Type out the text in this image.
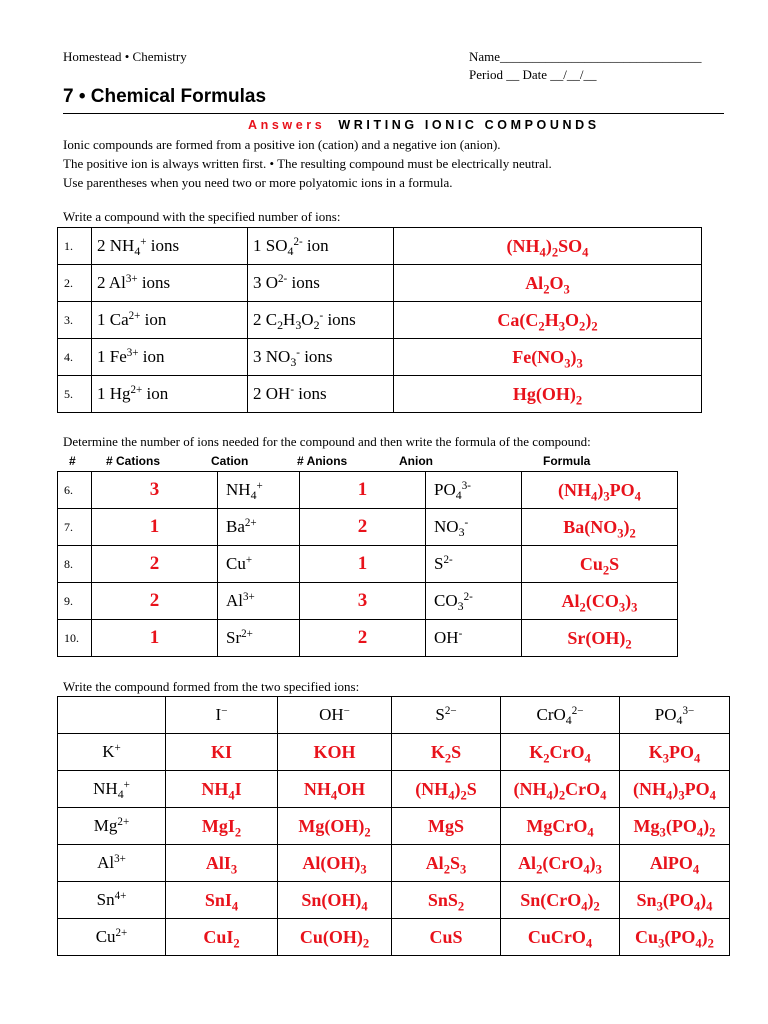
Homestead • Chemistry	Name_______________________________
Period __ Date __/__/__
7 • Chemical Formulas
Answers WRITING IONIC COMPOUNDS
Ionic compounds are formed from a positive ion (cation) and a negative ion (anion).
The positive ion is always written first. • The resulting compound must be electrically neutral.
Use parentheses when you need two or more polyatomic ions in a formula.
Write a compound with the specified number of ions:
1.	2 $NH_4^+$ ions	1 $SO_4^{2-}$ ion	$(NH_4)_2SO_4$
2.	2 $Al^{3+}$ ions	3 $O^{2-}$ ions	$Al_2O_3$
3.	1 $Ca^{2+}$ ion	2 $C_2H_3O_2^-$ ions	$Ca(C_2H_3O_2)_2$
4.	1 $Fe^{3+}$ ion	3 $NO_3^-$ ions	$Fe(NO_3)_3$
5.	1 $Hg^{2+}$ ion	2 OH- ions	$Hg(OH)_2$
Determine the number of ions needed for the compound and then write the formula of the compound:
#	# Cations	Cation	# Anions	Anion	Formula
6.	3	$NH_4^+$	1	$PO_4^{3-}$	$(NH_4)_3PO_4$
7.	1	$Ba^{2+}$	2	$NO_3^-$	$Ba(NO_3)_2$
8.	2	Cu+	1	$S^{2-}$	$Cu_2S$
9.	2	$Al^{3+}$	3	$CO_3^{2-}$	$Al_2(CO_3)_3$
10.	1	$Sr^{2+}$	2	OH-	$Sr(OH)_2$
Write the compound formed from the two specified ions:
	I−	OH−	$S^{2-}$	CrO$_4^{2-}$	$PO_4^{3-}$
K+	KI	KOH	$K_2S$	$K_2CrO_4$	$K_3PO_4$
$NH_4^+$	$NH_4I$	$NH_4OH$	$(NH_4)_2S$	$(NH_4)_2CrO_4$	$(NH_4)_3PO_4$
$Mg^{2+}$	MgI$_2$	$Mg(OH)_2$	MgS	MgCrO$_4$	$Mg_3(PO_4)_2$
$Al^{3+}$	AlI$_3$	$Al(OH)_3$	$Al_2S_3$	$Al_2(CrO_4)_3$	AlPO$_4$
$Sn^{4+}$	SnI$_4$	$Sn(OH)_4$	SnS$_2$	$Sn(CrO_4)_2$	$Sn_3(PO_4)_4$
$Cu^{2+}$	CuI$_2$	$Cu(OH)_2$	CuS	CuCrO$_4$	$Cu_3(PO_4)_2$
